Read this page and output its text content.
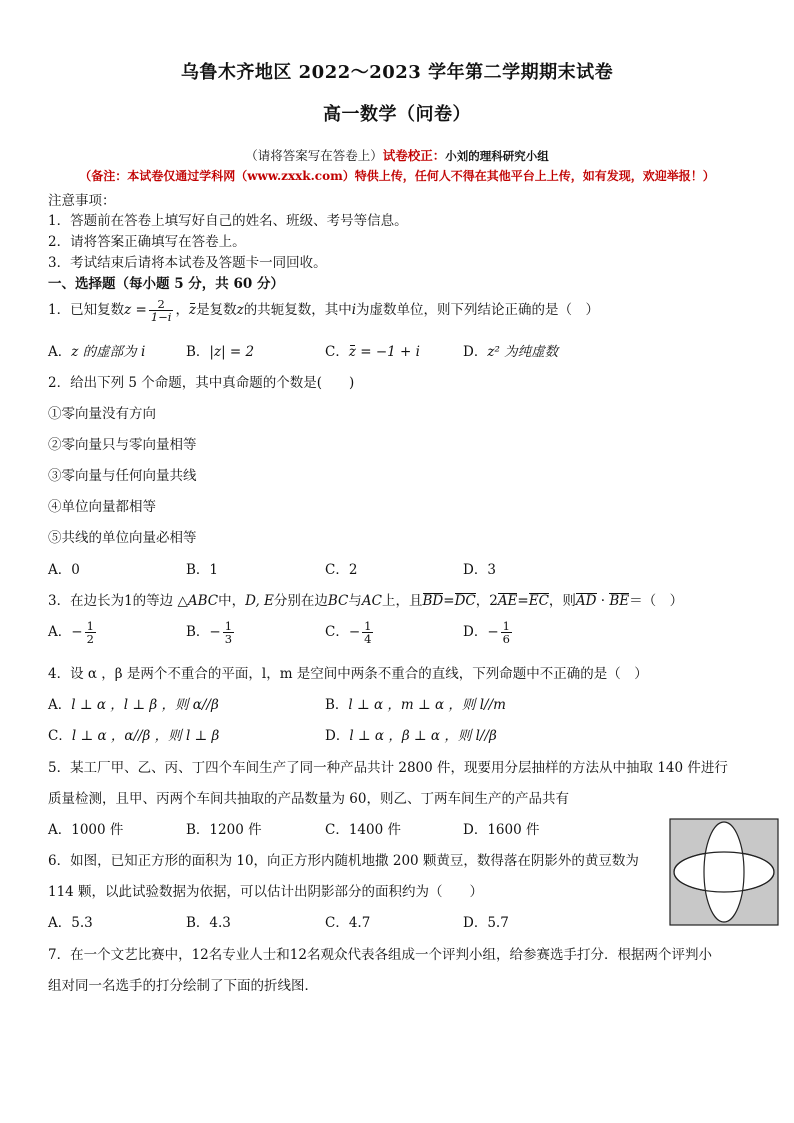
乌鲁木齐地区 2022～2023 学年第二学期期末试卷
高一数学（问卷）
（请将答案写在答卷上）试卷校正：小刘的理科研究小组
（备注：本试卷仅通过学科网（www.zxxk.com）特供上传，任何人不得在其他平台上上传，如有发现，欢迎举报！）
注意事项：
1．答题前在答卷上填写好自己的姓名、班级、考号等信息。
2．请将答案正确填写在答卷上。
3．考试结束后请将本试卷及答题卡一同回收。
一、选择题（每小题 5 分，共 60 分）
1．已知复数$z = \frac{2}{1-i}$ ，z是复数z的共轭复数，其中i为虚数单位，则下列结论正确的是（　）
A．z 的虚部为 i	B．|z| = 2	C．z = −1 + i	D．z² 为纯虚数
2．给出下列 5 个命题，其中真命题的个数是(　　)
①零向量没有方向
②零向量只与零向量相等
③零向量与任何向量共线
④单位向量都相等
⑤共线的单位向量必相等
A．0	B．1	C．2	D．3
3．在边长为1的等边 △ABC中，D, E分别在边BC与AC上，且BD=DC，2AE=EC，则AD · BE＝（　）
A．− $\frac{1}{2}$	B．− $\frac{1}{3}$	C．− $\frac{1}{4}$	D．− $\frac{1}{6}$
4．设 α ，β 是两个不重合的平面，l，m 是空间中两条不重合的直线，下列命题中不正确的是（　）
A．l ⊥ α ，l ⊥ β ，则 α//β	B．l ⊥ α ，m ⊥ α ，则 l//m
C．l ⊥ α ，α//β ，则 l ⊥ β	D．l ⊥ α ，β ⊥ α ，则 l//β
5．某工厂甲、乙、丙、丁四个车间生产了同一种产品共计 2800 件，现要用分层抽样的方法从中抽取 140 件进行
质量检测，且甲、丙两个车间共抽取的产品数量为 60，则乙、丁两车间生产的产品共有
A．1000 件	B．1200 件	C．1400 件	D．1600 件
6．如图，已知正方形的面积为 10，向正方形内随机地撒 200 颗黄豆，数得落在阴影外的黄豆数为
114 颗，以此试验数据为依据，可以估计出阴影部分的面积约为（　　）
A．5.3	B．4.3	C．4.7	D．5.7
7．在一个文艺比赛中，12名专业人士和12名观众代表各组成一个评判小组，给参赛选手打分．根据两个评判小
组对同一名选手的打分绘制了下面的折线图．
